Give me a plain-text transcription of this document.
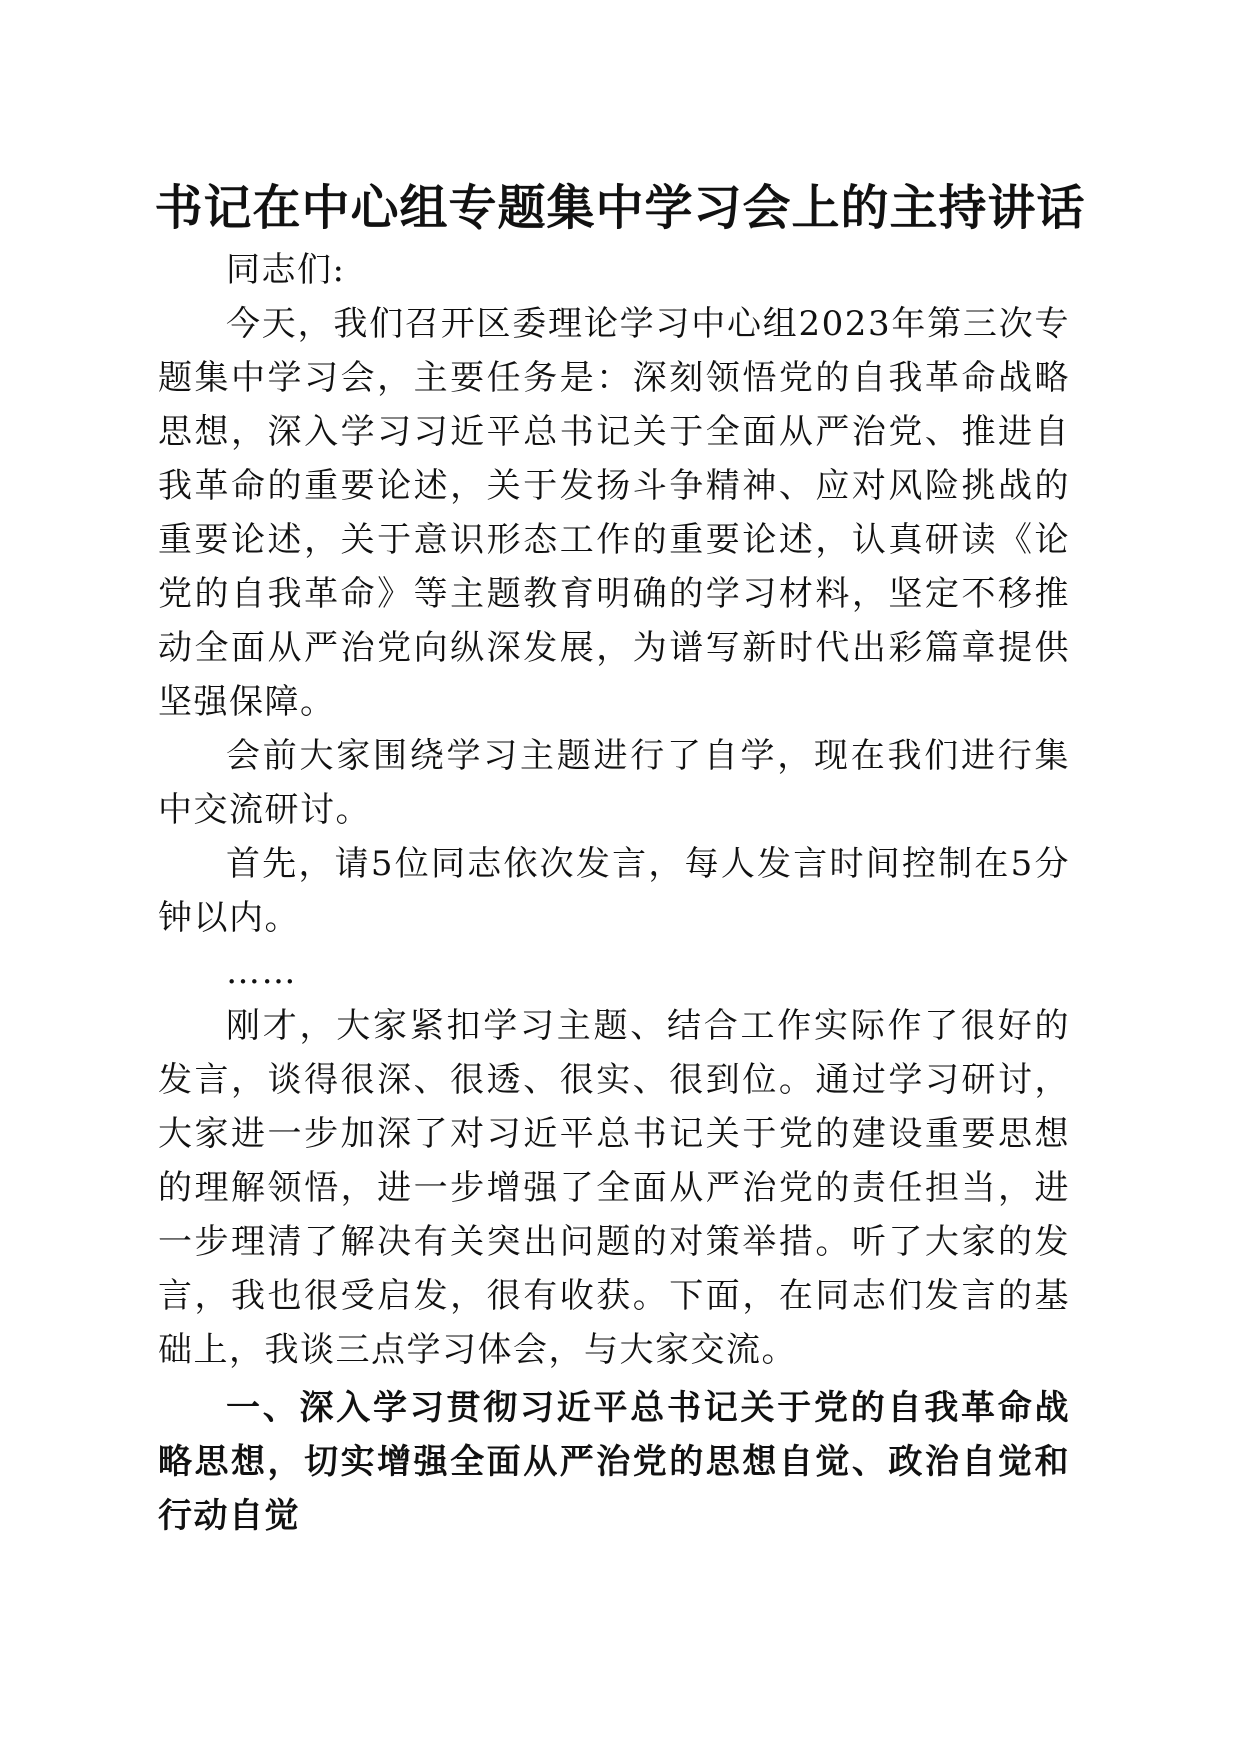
书记在中心组专题集中学习会上的主持讲话

同志们:

今天，我们召开区委理论学习中心组2023年第三次专题集中学习会，主要任务是：深刻领悟党的自我革命战略思想，深入学习习近平总书记关于全面从严治党、推进自我革命的重要论述，关于发扬斗争精神、应对风险挑战的重要论述，关于意识形态工作的重要论述，认真研读《论党的自我革命》等主题教育明确的学习材料，坚定不移推动全面从严治党向纵深发展，为谱写新时代出彩篇章提供坚强保障。

会前大家围绕学习主题进行了自学，现在我们进行集中交流研讨。

首先，请5位同志依次发言，每人发言时间控制在5分钟以内。

……

刚才，大家紧扣学习主题、结合工作实际作了很好的发言，谈得很深、很透、很实、很到位。通过学习研讨，大家进一步加深了对习近平总书记关于党的建设重要思想的理解领悟，进一步增强了全面从严治党的责任担当，进一步理清了解决有关突出问题的对策举措。听了大家的发言，我也很受启发，很有收获。下面，在同志们发言的基础上，我谈三点学习体会，与大家交流。

一、深入学习贯彻习近平总书记关于党的自我革命战略思想，切实增强全面从严治党的思想自觉、政治自觉和行动自觉
